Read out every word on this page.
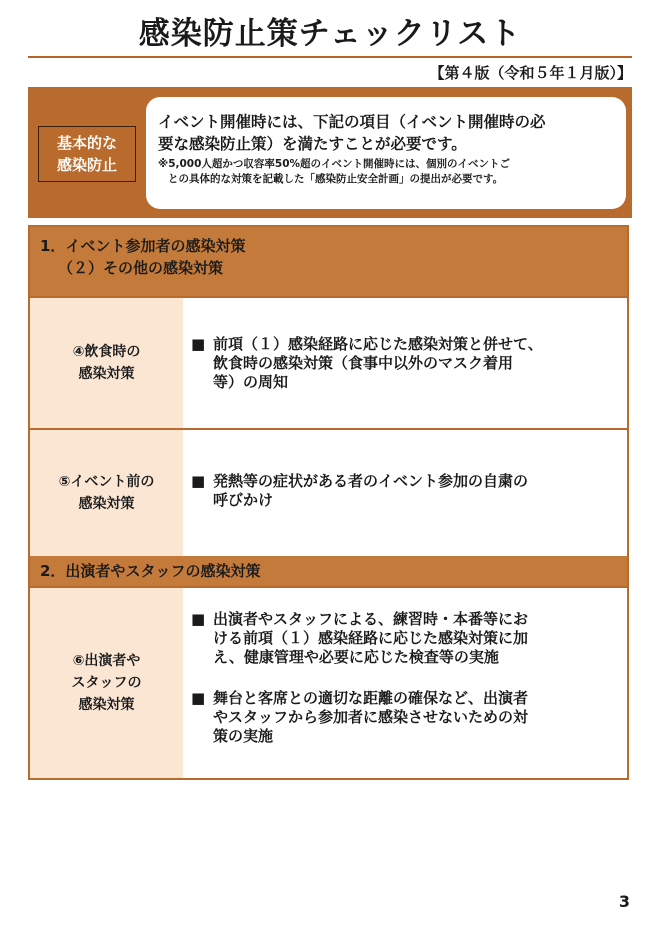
感染防止策チェックリスト
【第４版（令和５年１月版）】
基本的な
感染防止
イベント開催時には、下記の項目（イベント開催時の必
要な感染防止策）を満たすことが必要です。
※5,000人超かつ収容率50%超のイベント開催時には、個別のイベントご
との具体的な対策を記載した「感染防止安全計画」の提出が必要です。
1．イベント参加者の感染対策
（２）その他の感染対策
④飲食時の
感染対策
■ 前項（１）感染経路に応じた感染対策と併せて、
飲食時の感染対策（食事中以外のマスク着用
等）の周知
⑤イベント前の
感染対策
■ 発熱等の症状がある者のイベント参加の自粛の
呼びかけ
2．出演者やスタッフの感染対策
⑥出演者や
スタッフの
感染対策
■ 出演者やスタッフによる、練習時・本番等にお
ける前項（１）感染経路に応じた感染対策に加
え、健康管理や必要に応じた検査等の実施
■ 舞台と客席との適切な距離の確保など、出演者
やスタッフから参加者に感染させないための対
策の実施
3
